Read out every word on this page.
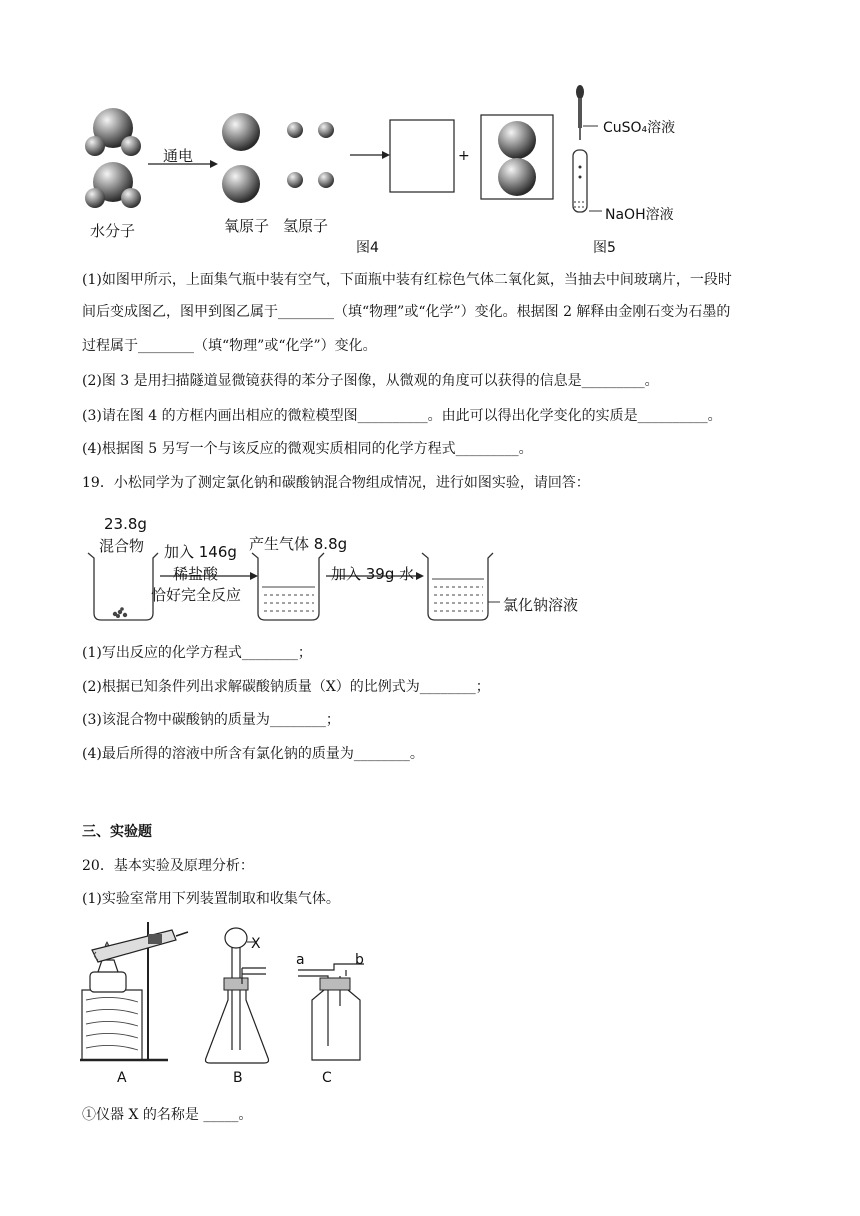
水分子
通电
氧原子 氢原子
+
图4
CuSO₄溶液
NaOH溶液
图5
(1)如图甲所示，上面集气瓶中装有空气，下面瓶中装有红棕色气体二氧化氮，当抽去中间玻璃片，一段时
间后变成图乙，图甲到图乙属于________（填“物理”或“化学”）变化。根据图 2 解释由金刚石变为石墨的
过程属于________（填“物理”或“化学”）变化。
(2)图 3 是用扫描隧道显微镜获得的苯分子图像，从微观的角度可以获得的信息是_________。
(3)请在图 4 的方框内画出相应的微粒模型图__________。由此可以得出化学变化的实质是__________。
(4)根据图 5 另写一个与该反应的微观实质相同的化学方程式_________。
19．小松同学为了测定氯化钠和碳酸钠混合物组成情况，进行如图实验，请回答：
23.8g
混合物 加入 146g
稀盐酸
恰好完全反应
产生气体 8.8g
加入 39g 水
氯化钠溶液
(1)写出反应的化学方程式________；
(2)根据已知条件列出求解碳酸钠质量（X）的比例式为________；
(3)该混合物中碳酸钠的质量为________；
(4)最后所得的溶液中所含有氯化钠的质量为________。
三、实验题
20．基本实验及原理分析：
(1)实验室常用下列装置制取和收集气体。
X
a	b
A	B	C
①仪器 X 的名称是 _____。
